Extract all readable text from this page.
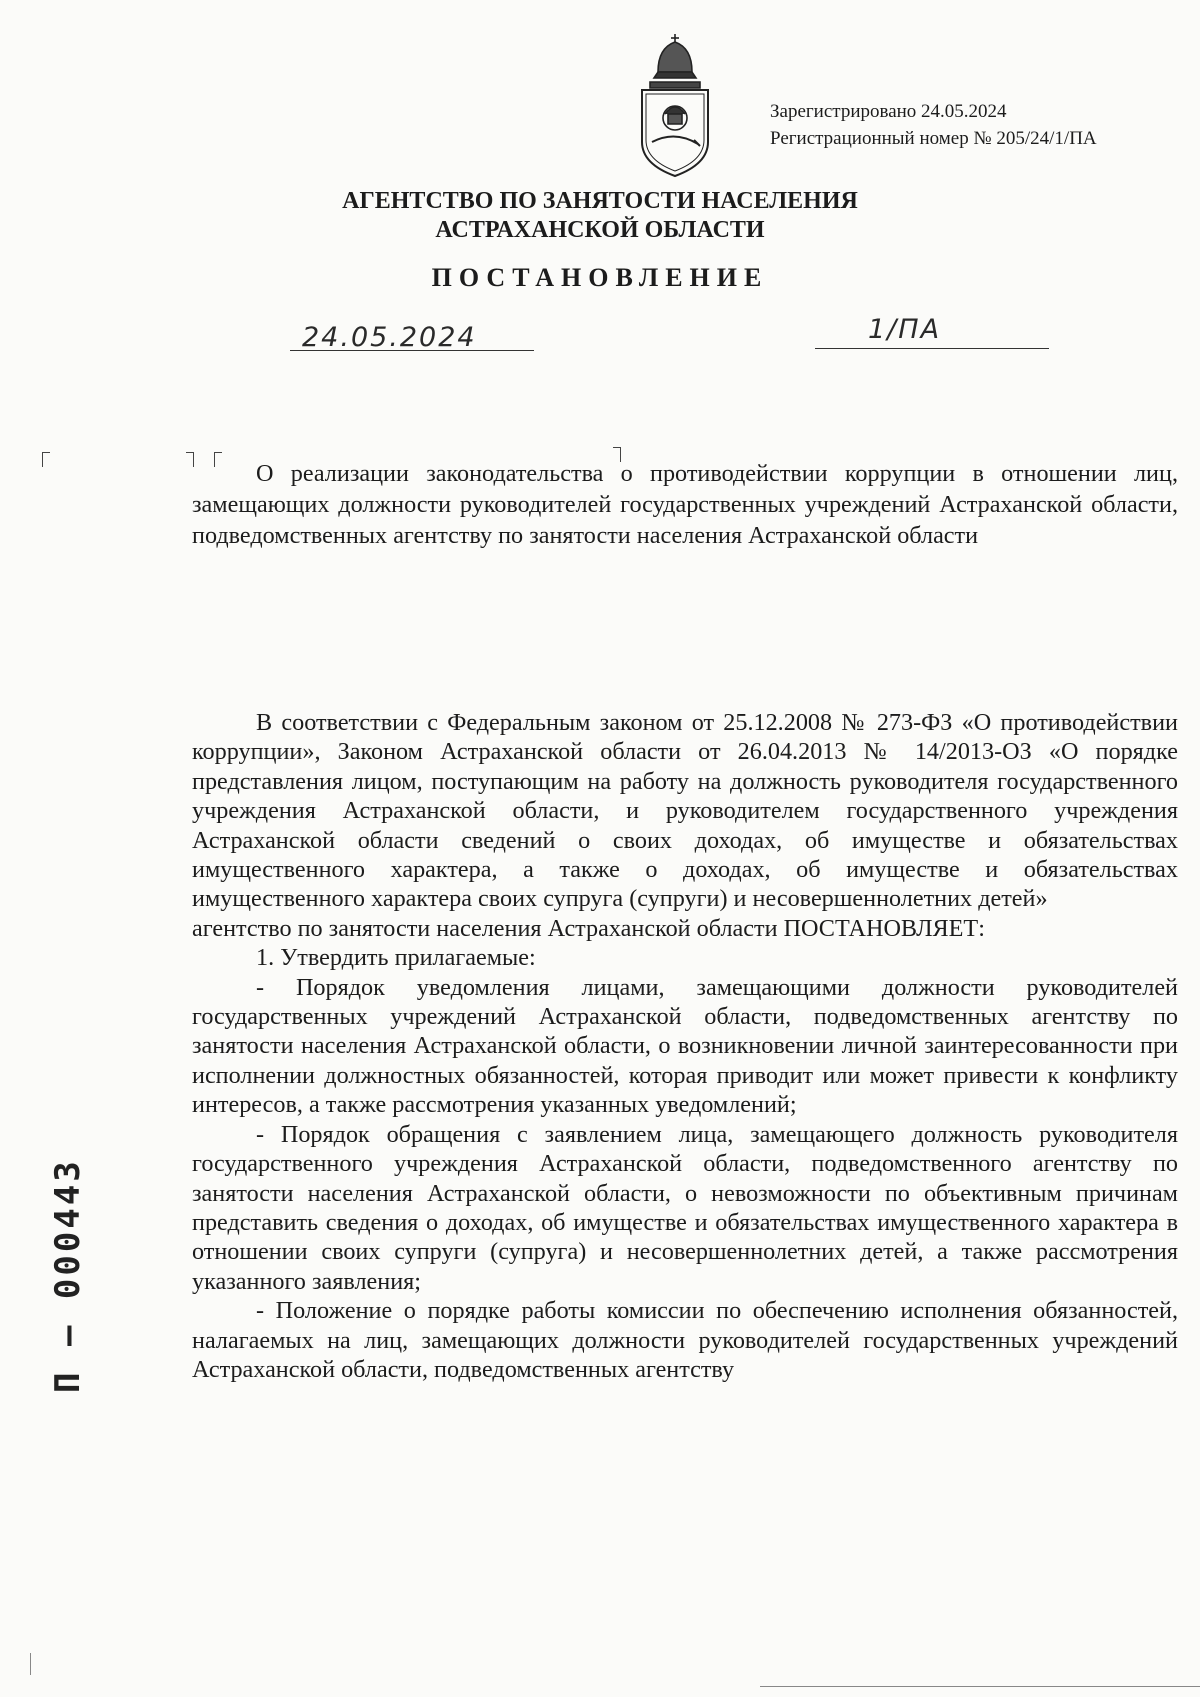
Зарегистрировано 24.05.2024
Регистрационный номер № 205/24/1/ПА
АГЕНТСТВО ПО ЗАНЯТОСТИ НАСЕЛЕНИЯ
АСТРАХАНСКОЙ ОБЛАСТИ
ПОСТАНОВЛЕНИЕ
24.05.2024	1/ПА

О реализации законодательства о противодействии коррупции в отношении лиц, замещающих должности руководителей государственных учреждений Астраханской области, подведомственных агентству по занятости населения Астраханской области

В соответствии с Федеральным законом от 25.12.2008 № 273-ФЗ «О противодействии коррупции», Законом Астраханской области от 26.04.2013 № 14/2013-ОЗ «О порядке представления лицом, поступающим на работу на должность руководителя государственного учреждения Астраханской области, и руководителем государственного учреждения Астраханской области сведений о своих доходах, об имуществе и обязательствах имущественного характера, а также о доходах, об имуществе и обязательствах имущественного характера своих супруга (супруги) и несовершеннолетних детей»

агентство по занятости населения Астраханской области ПОСТАНОВЛЯЕТ:

1. Утвердить прилагаемые:

- Порядок уведомления лицами, замещающими должности руководителей государственных учреждений Астраханской области, подведомственных агентству по занятости населения Астраханской области, о возникновении личной заинтересованности при исполнении должностных обязанностей, которая приводит или может привести к конфликту интересов, а также рассмотрения указанных уведомлений;

- Порядок обращения с заявлением лица, замещающего должность руководителя государственного учреждения Астраханской области, подведомственного агентству по занятости населения Астраханской области, о невозможности по объективным причинам представить сведения о доходах, об имуществе и обязательствах имущественного характера в отношении своих супруги (супруга) и несовершеннолетних детей, а также рассмотрения указанного заявления;

- Положение о порядке работы комиссии по обеспечению исполнения обязанностей, налагаемых на лиц, замещающих должности руководителей государственных учреждений Астраханской области, подведомственных агентству

П — 000443
